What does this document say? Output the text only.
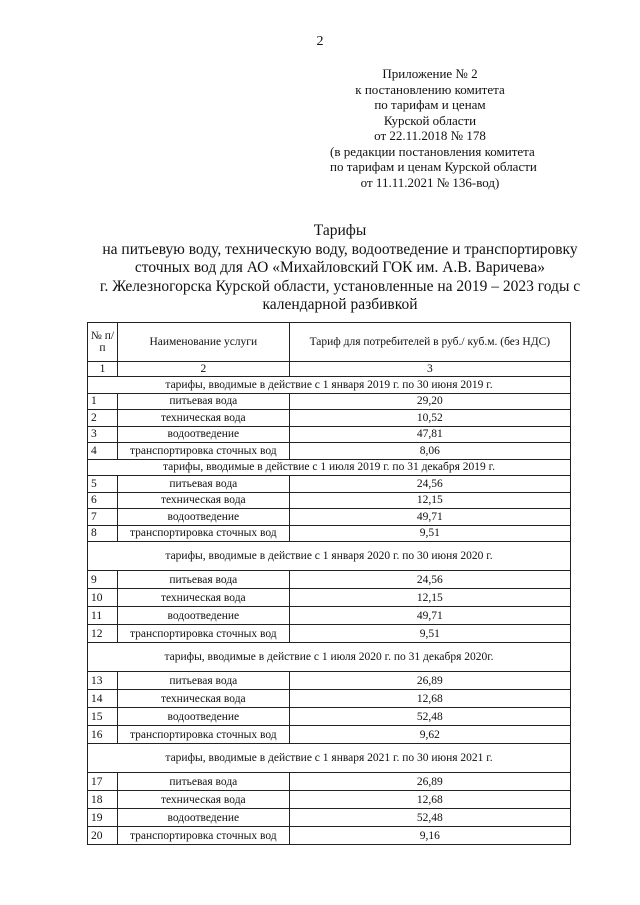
2
Приложение № 2
к постановлению комитета
по тарифам и ценам
Курской области
от 22.11.2018 № 178
(в редакции постановления комитета
по тарифам и ценам Курской области
от 11.11.2021 № 136-вод)
Тарифы
на питьевую воду, техническую воду, водоотведение и транспортировку
сточных вод для АО «Михайловский ГОК им. А.В. Варичева»
г. Железногорска Курской области, установленные на 2019 – 2023 годы с
календарной разбивкой
№ п/п	Наименование услуги	Тариф для потребителей в руб./ куб.м. (без НДС)
1	2	3
тарифы, вводимые в действие с 1 января 2019 г. по 30 июня 2019 г.		
1	питьевая вода	29,20
2	техническая вода	10,52
3	водоотведение	47,81
4	транспортировка сточных вод	8,06
тарифы, вводимые в действие с 1 июля 2019 г. по 31 декабря 2019 г.		
5	питьевая вода	24,56
6	техническая вода	12,15
7	водоотведение	49,71
8	транспортировка сточных вод	9,51
тарифы, вводимые в действие с 1 января 2020 г. по 30 июня 2020 г.		
9	питьевая вода	24,56
10	техническая вода	12,15
11	водоотведение	49,71
12	транспортировка сточных вод	9,51
тарифы, вводимые в действие с 1 июля 2020 г. по 31 декабря 2020г.		
13	питьевая вода	26,89
14	техническая вода	12,68
15	водоотведение	52,48
16	транспортировка сточных вод	9,62
тарифы, вводимые в действие с 1 января 2021 г. по 30 июня 2021 г.		
17	питьевая вода	26,89
18	техническая вода	12,68
19	водоотведение	52,48
20	транспортировка сточных вод	9,16
